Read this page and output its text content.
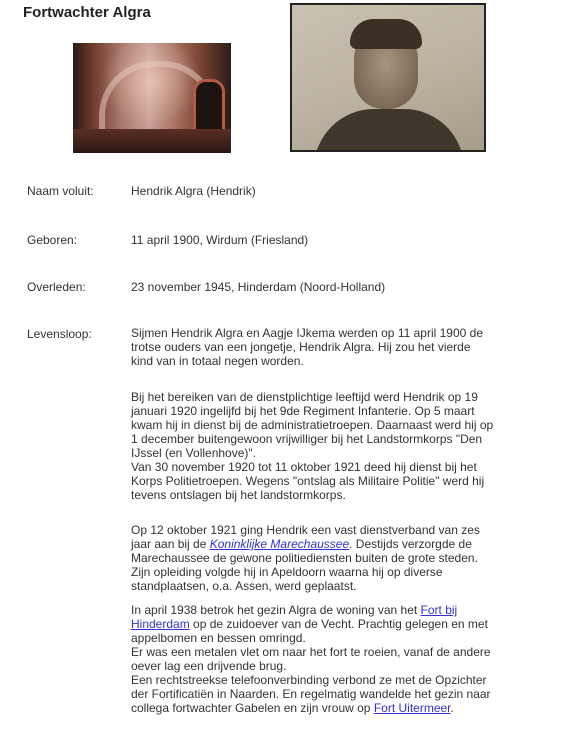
Fortwachter Algra
Naam voluit:	Hendrik Algra (Hendrik)
Geboren:	11 april 1900, Wirdum (Friesland)
Overleden:	23 november 1945, Hinderdam (Noord-Holland)
Levensloop:	Sijmen Hendrik Algra en Aagje IJkema werden op 11 april 1900 de
trotse ouders van een jongetje, Hendrik Algra. Hij zou het vierde
kind van in totaal negen worden.
Bij het bereiken van de dienstplichtige leeftijd werd Hendrik op 19
januari 1920 ingelijfd bij het 9de Regiment Infanterie. Op 5 maart
kwam hij in dienst bij de administratietroepen. Daarnaast werd hij op
1 december buitengewoon vrijwilliger bij het Landstormkorps "Den
IJssel (en Vollenhove)".
Van 30 november 1920 tot 11 oktober 1921 deed hij dienst bij het
Korps Politietroepen. Wegens "ontslag als Militaire Politie" werd hij
tevens ontslagen bij het landstormkorps.
Op 12 oktober 1921 ging Hendrik een vast dienstverband van zes
jaar aan bij de Koninklijke Marechaussee. Destijds verzorgde de
Marechaussee de gewone politiediensten buiten de grote steden.
Zijn opleiding volgde hij in Apeldoorn waarna hij op diverse
standplaatsen, o.a. Assen, werd geplaatst.
In april 1938 betrok het gezin Algra de woning van het Fort bij
Hinderdam op de zuidoever van de Vecht. Prachtig gelegen en met
appelbomen en bessen omringd.
Er was een metalen vlet om naar het fort te roeien, vanaf de andere
oever lag een drijvende brug.
Een rechtstreekse telefoonverbinding verbond ze met de Opzichter
der Fortificatiën in Naarden. En regelmatig wandelde het gezin naar
collega fortwachter Gabelen en zijn vrouw op Fort Uitermeer.
